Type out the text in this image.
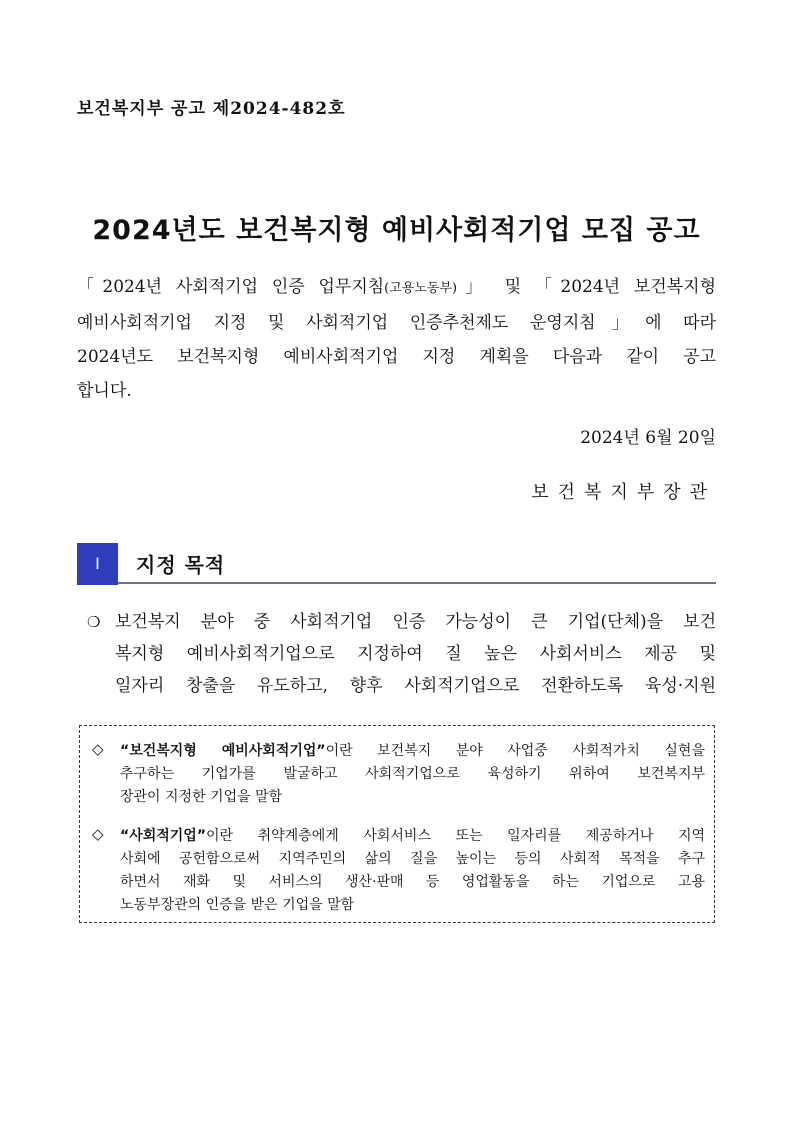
보건복지부 공고 제2024-482호
2024년도 보건복지형 예비사회적기업 모집 공고
「2024년 사회적기업 인증 업무지침(고용노동부)」 및 「2024년 보건복지형
예비사회적기업 지정 및 사회적기업 인증추천제도 운영지침」에 따라
2024년도 보건복지형 예비사회적기업 지정 계획을 다음과 같이 공고
합니다.
2024년 6월 20일
보건복지부장관
Ⅰ	지정 목적
❍ 보건복지 분야 중 사회적기업 인증 가능성이 큰 기업(단체)을 보건
복지형 예비사회적기업으로 지정하여 질 높은 사회서비스 제공 및
일자리 창출을 유도하고, 향후 사회적기업으로 전환하도록 육성·지원
◇ “보건복지형 예비사회적기업”이란 보건복지 분야 사업중 사회적가치 실현을
추구하는 기업가를 발굴하고 사회적기업으로 육성하기 위하여 보건복지부
장관이 지정한 기업을 말함
◇ “사회적기업”이란 취약계층에게 사회서비스 또는 일자리를 제공하거나 지역
사회에 공헌함으로써 지역주민의 삶의 질을 높이는 등의 사회적 목적을 추구
하면서 재화 및 서비스의 생산·판매 등 영업활동을 하는 기업으로 고용
노동부장관의 인증을 받은 기업을 말함
